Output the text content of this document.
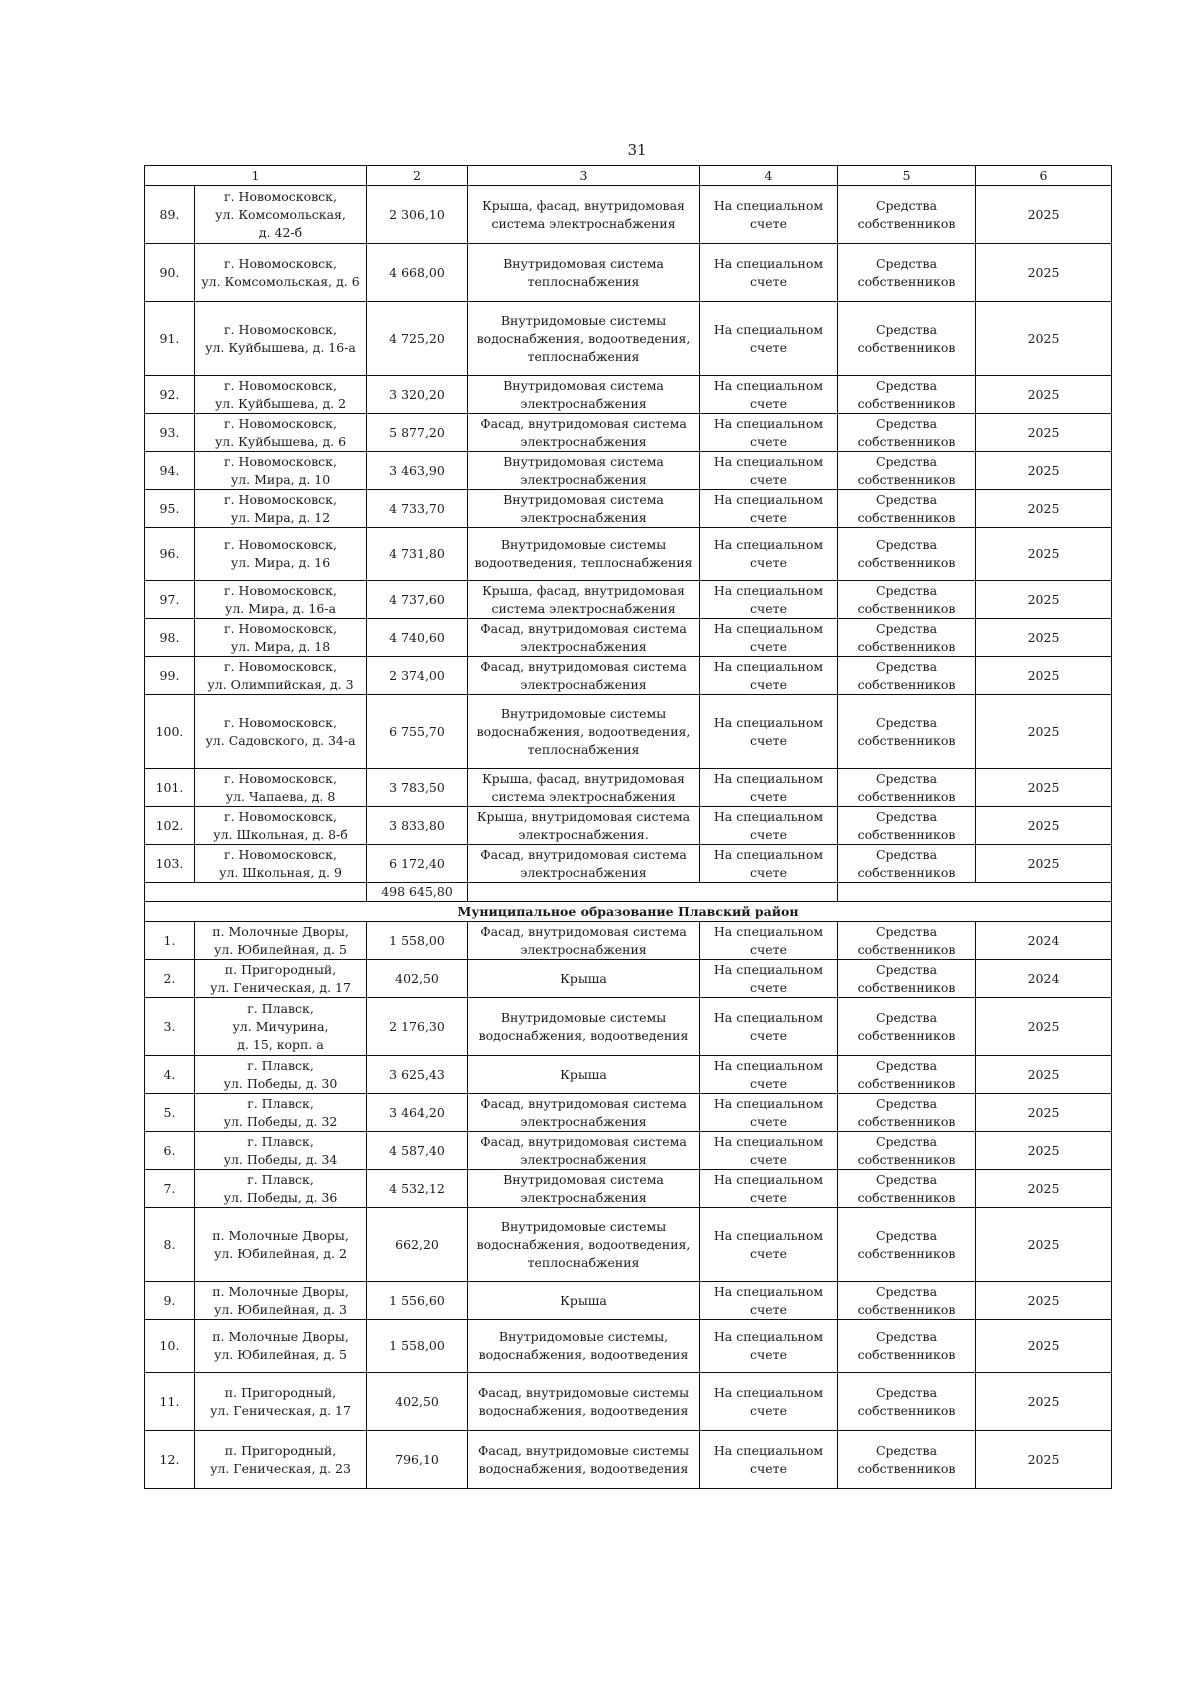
31
1		2	3	4	5	6
89.	г. Новомосковск,
ул. Комсомольская,
д. 42-б	2 306,10	Крыша, фасад, внутридомовая
система электроснабжения	На специальном
счете	Средства
собственников	2025
90.	г. Новомосковск,
ул. Комсомольская, д. 6	4 668,00	Внутридомовая система
теплоснабжения	На специальном
счете	Средства
собственников	2025
91.	г. Новомосковск,
ул. Куйбышева, д. 16-а	4 725,20	Внутридомовые системы
водоснабжения, водоотведения,
теплоснабжения	На специальном
счете	Средства
собственников	2025
92.	г. Новомосковск,
ул. Куйбышева, д. 2	3 320,20	Внутридомовая система
электроснабжения	На специальном
счете	Средства
собственников	2025
93.	г. Новомосковск,
ул. Куйбышева, д. 6	5 877,20	Фасад, внутридомовая система
электроснабжения	На специальном
счете	Средства
собственников	2025
94.	г. Новомосковск,
ул. Мира, д. 10	3 463,90	Внутридомовая система
электроснабжения	На специальном
счете	Средства
собственников	2025
95.	г. Новомосковск,
ул. Мира, д. 12	4 733,70	Внутридомовая система
электроснабжения	На специальном
счете	Средства
собственников	2025
96.	г. Новомосковск,
ул. Мира, д. 16	4 731,80	Внутридомовые системы
водоотведения, теплоснабжения	На специальном
счете	Средства
собственников	2025
97.	г. Новомосковск,
ул. Мира, д. 16-а	4 737,60	Крыша, фасад, внутридомовая
система электроснабжения	На специальном
счете	Средства
собственников	2025
98.	г. Новомосковск,
ул. Мира, д. 18	4 740,60	Фасад, внутридомовая система
электроснабжения	На специальном
счете	Средства
собственников	2025
99.	г. Новомосковск,
ул. Олимпийская, д. 3	2 374,00	Фасад, внутридомовая система
электроснабжения	На специальном
счете	Средства
собственников	2025
100.	г. Новомосковск,
ул. Садовского, д. 34-а	6 755,70	Внутридомовые системы
водоснабжения, водоотведения,
теплоснабжения	На специальном
счете	Средства
собственников	2025
101.	г. Новомосковск,
ул. Чапаева, д. 8	3 783,50	Крыша, фасад, внутридомовая
система электроснабжения	На специальном
счете	Средства
собственников	2025
102.	г. Новомосковск,
ул. Школьная, д. 8-б	3 833,80	Крыша, внутридомовая система
электроснабжения.	На специальном
счете	Средства
собственников	2025
103.	г. Новомосковск,
ул. Школьная, д. 9	6 172,40	Фасад, внутридомовая система
электроснабжения	На специальном
счете	Средства
собственников	2025
		498 645,80				
Муниципальное образование Плавский район						
1.	п. Молочные Дворы,
ул. Юбилейная, д. 5	1 558,00	Фасад, внутридомовая система
электроснабжения	На специальном
счете	Средства
собственников	2024
2.	п. Пригородный,
ул. Геническая, д. 17	402,50	Крыша	На специальном
счете	Средства
собственников	2024
3.	г. Плавск,
ул. Мичурина,
д. 15, корп. а	2 176,30	Внутридомовые системы
водоснабжения, водоотведения	На специальном
счете	Средства
собственников	2025
4.	г. Плавск,
ул. Победы, д. 30	3 625,43	Крыша	На специальном
счете	Средства
собственников	2025
5.	г. Плавск,
ул. Победы, д. 32	3 464,20	Фасад, внутридомовая система
электроснабжения	На специальном
счете	Средства
собственников	2025
6.	г. Плавск,
ул. Победы, д. 34	4 587,40	Фасад, внутридомовая система
электроснабжения	На специальном
счете	Средства
собственников	2025
7.	г. Плавск,
ул. Победы, д. 36	4 532,12	Внутридомовая система
электроснабжения	На специальном
счете	Средства
собственников	2025
8.	п. Молочные Дворы,
ул. Юбилейная, д. 2	662,20	Внутридомовые системы
водоснабжения, водоотведения,
теплоснабжения	На специальном
счете	Средства
собственников	2025
9.	п. Молочные Дворы,
ул. Юбилейная, д. 3	1 556,60	Крыша	На специальном
счете	Средства
собственников	2025
10.	п. Молочные Дворы,
ул. Юбилейная, д. 5	1 558,00	Внутридомовые системы,
водоснабжения, водоотведения	На специальном
счете	Средства
собственников	2025
11.	п. Пригородный,
ул. Геническая, д. 17	402,50	Фасад, внутридомовые системы
водоснабжения, водоотведения	На специальном
счете	Средства
собственников	2025
12.	п. Пригородный,
ул. Геническая, д. 23	796,10	Фасад, внутридомовые системы
водоснабжения, водоотведения	На специальном
счете	Средства
собственников	2025
